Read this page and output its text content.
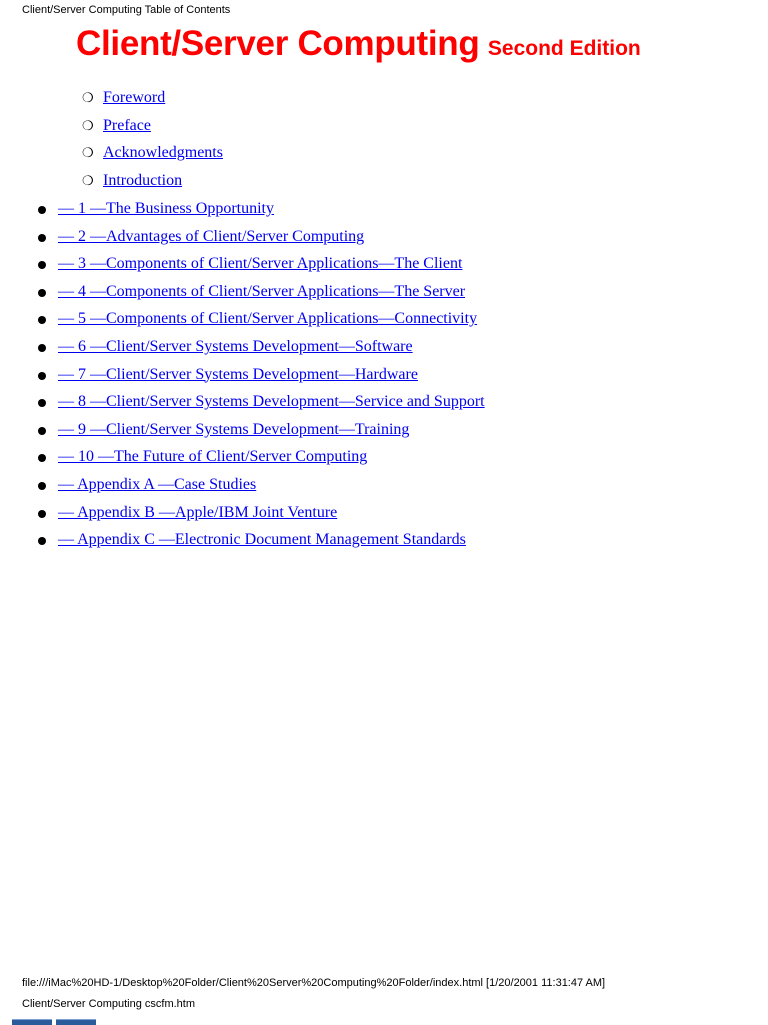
Client/Server Computing Table of Contents
Client/Server Computing Second Edition
❍ Foreword
❍ Preface
❍ Acknowledgments
❍ Introduction
— 1 —The Business Opportunity
— 2 —Advantages of Client/Server Computing
— 3 —Components of Client/Server Applications—The Client
— 4 —Components of Client/Server Applications—The Server
— 5 —Components of Client/Server Applications—Connectivity
— 6 —Client/Server Systems Development—Software
— 7 —Client/Server Systems Development—Hardware
— 8 —Client/Server Systems Development—Service and Support
— 9 —Client/Server Systems Development—Training
— 10 —The Future of Client/Server Computing
— Appendix A —Case Studies
— Appendix B —Apple/IBM Joint Venture
— Appendix C —Electronic Document Management Standards
file:///iMac%20HD-1/Desktop%20Folder/Client%20Server%20Computing%20Folder/index.html [1/20/2001 11:31:47 AM]
Client/Server Computing cscfm.htm
